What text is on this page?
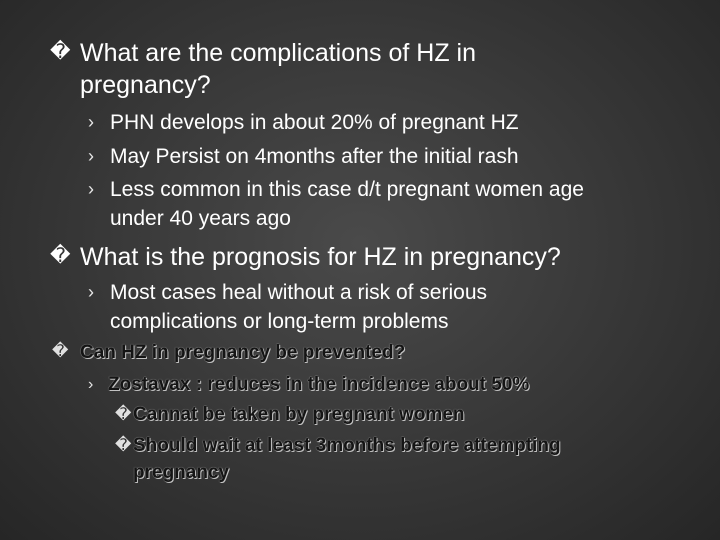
� What are the complications of HZ in
pregnancy?
› PHN develops in about 20% of pregnant HZ
› May Persist on 4months after the initial rash
› Less common in this case d/t pregnant women age
under 40 years ago
� What is the prognosis for HZ in pregnancy?
› Most cases heal without a risk of serious
complications or long-term problems
� Can HZ in pregnancy be prevented?
› Zostavax : reduces in the incidence about 50%
� Cannat be taken by pregnant women
� Should wait at least 3months before attempting
pregnancy
